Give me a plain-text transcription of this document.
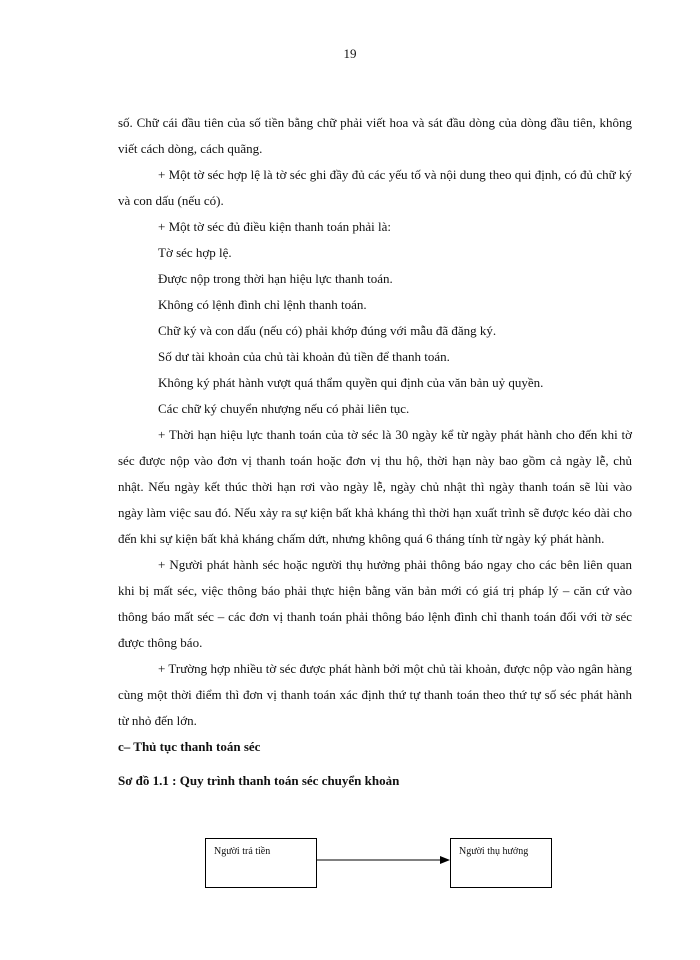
19

số. Chữ cái đầu tiên của số tiền bằng chữ phải viết hoa và sát đầu dòng của dòng đầu tiên, không viết cách dòng, cách quãng.

+ Một tờ séc hợp lệ là tờ séc ghi đầy đủ các yếu tố và nội dung theo qui định, có đủ chữ ký và con dấu (nếu có).

+ Một tờ séc đủ điều kiện thanh toán phải là:

Tờ séc hợp lệ.

Được nộp trong thời hạn hiệu lực thanh toán.

Không có lệnh đình chỉ lệnh thanh toán.

Chữ ký và con dấu (nếu có) phải khớp đúng với mẫu đã đăng ký.

Số dư tài khoản của chủ tài khoản đủ tiền để thanh toán.

Không ký phát hành vượt quá thẩm quyền qui định của văn bản uỷ quyền.

Các chữ ký chuyển nhượng nếu có phải liên tục.

+ Thời hạn hiệu lực thanh toán của tờ séc là 30 ngày kể từ ngày phát hành cho đến khi tờ séc được nộp vào đơn vị thanh toán hoặc đơn vị thu hộ, thời hạn này bao gồm cả ngày lễ, chủ nhật. Nếu ngày kết thúc thời hạn rơi vào ngày lễ, ngày chủ nhật thì ngày thanh toán sẽ lùi vào ngày làm việc sau đó. Nếu xảy ra sự kiện bất khả kháng thì thời hạn xuất trình sẽ được kéo dài cho đến khi sự kiện bất khả kháng chấm dứt, nhưng không quá 6 tháng tính từ ngày ký phát hành.

+ Người phát hành séc hoặc người thụ hưởng phải thông báo ngay cho các bên liên quan khi bị mất séc, việc thông báo phải thực hiện bằng văn bản mới có giá trị pháp lý – căn cứ vào thông báo mất séc – các đơn vị thanh toán phải thông báo lệnh đình chỉ thanh toán đối với tờ séc được thông báo.

+ Trường hợp nhiều tờ séc được phát hành bởi một chủ tài khoản, được nộp vào ngân hàng cùng một thời điểm thì đơn vị thanh toán xác định thứ tự thanh toán theo thứ tự số séc phát hành từ nhỏ đến lớn.

c– Thủ tục thanh toán séc

Sơ đồ 1.1 : Quy trình thanh toán séc chuyển khoản

Người trả tiền	Người thụ hưởng
